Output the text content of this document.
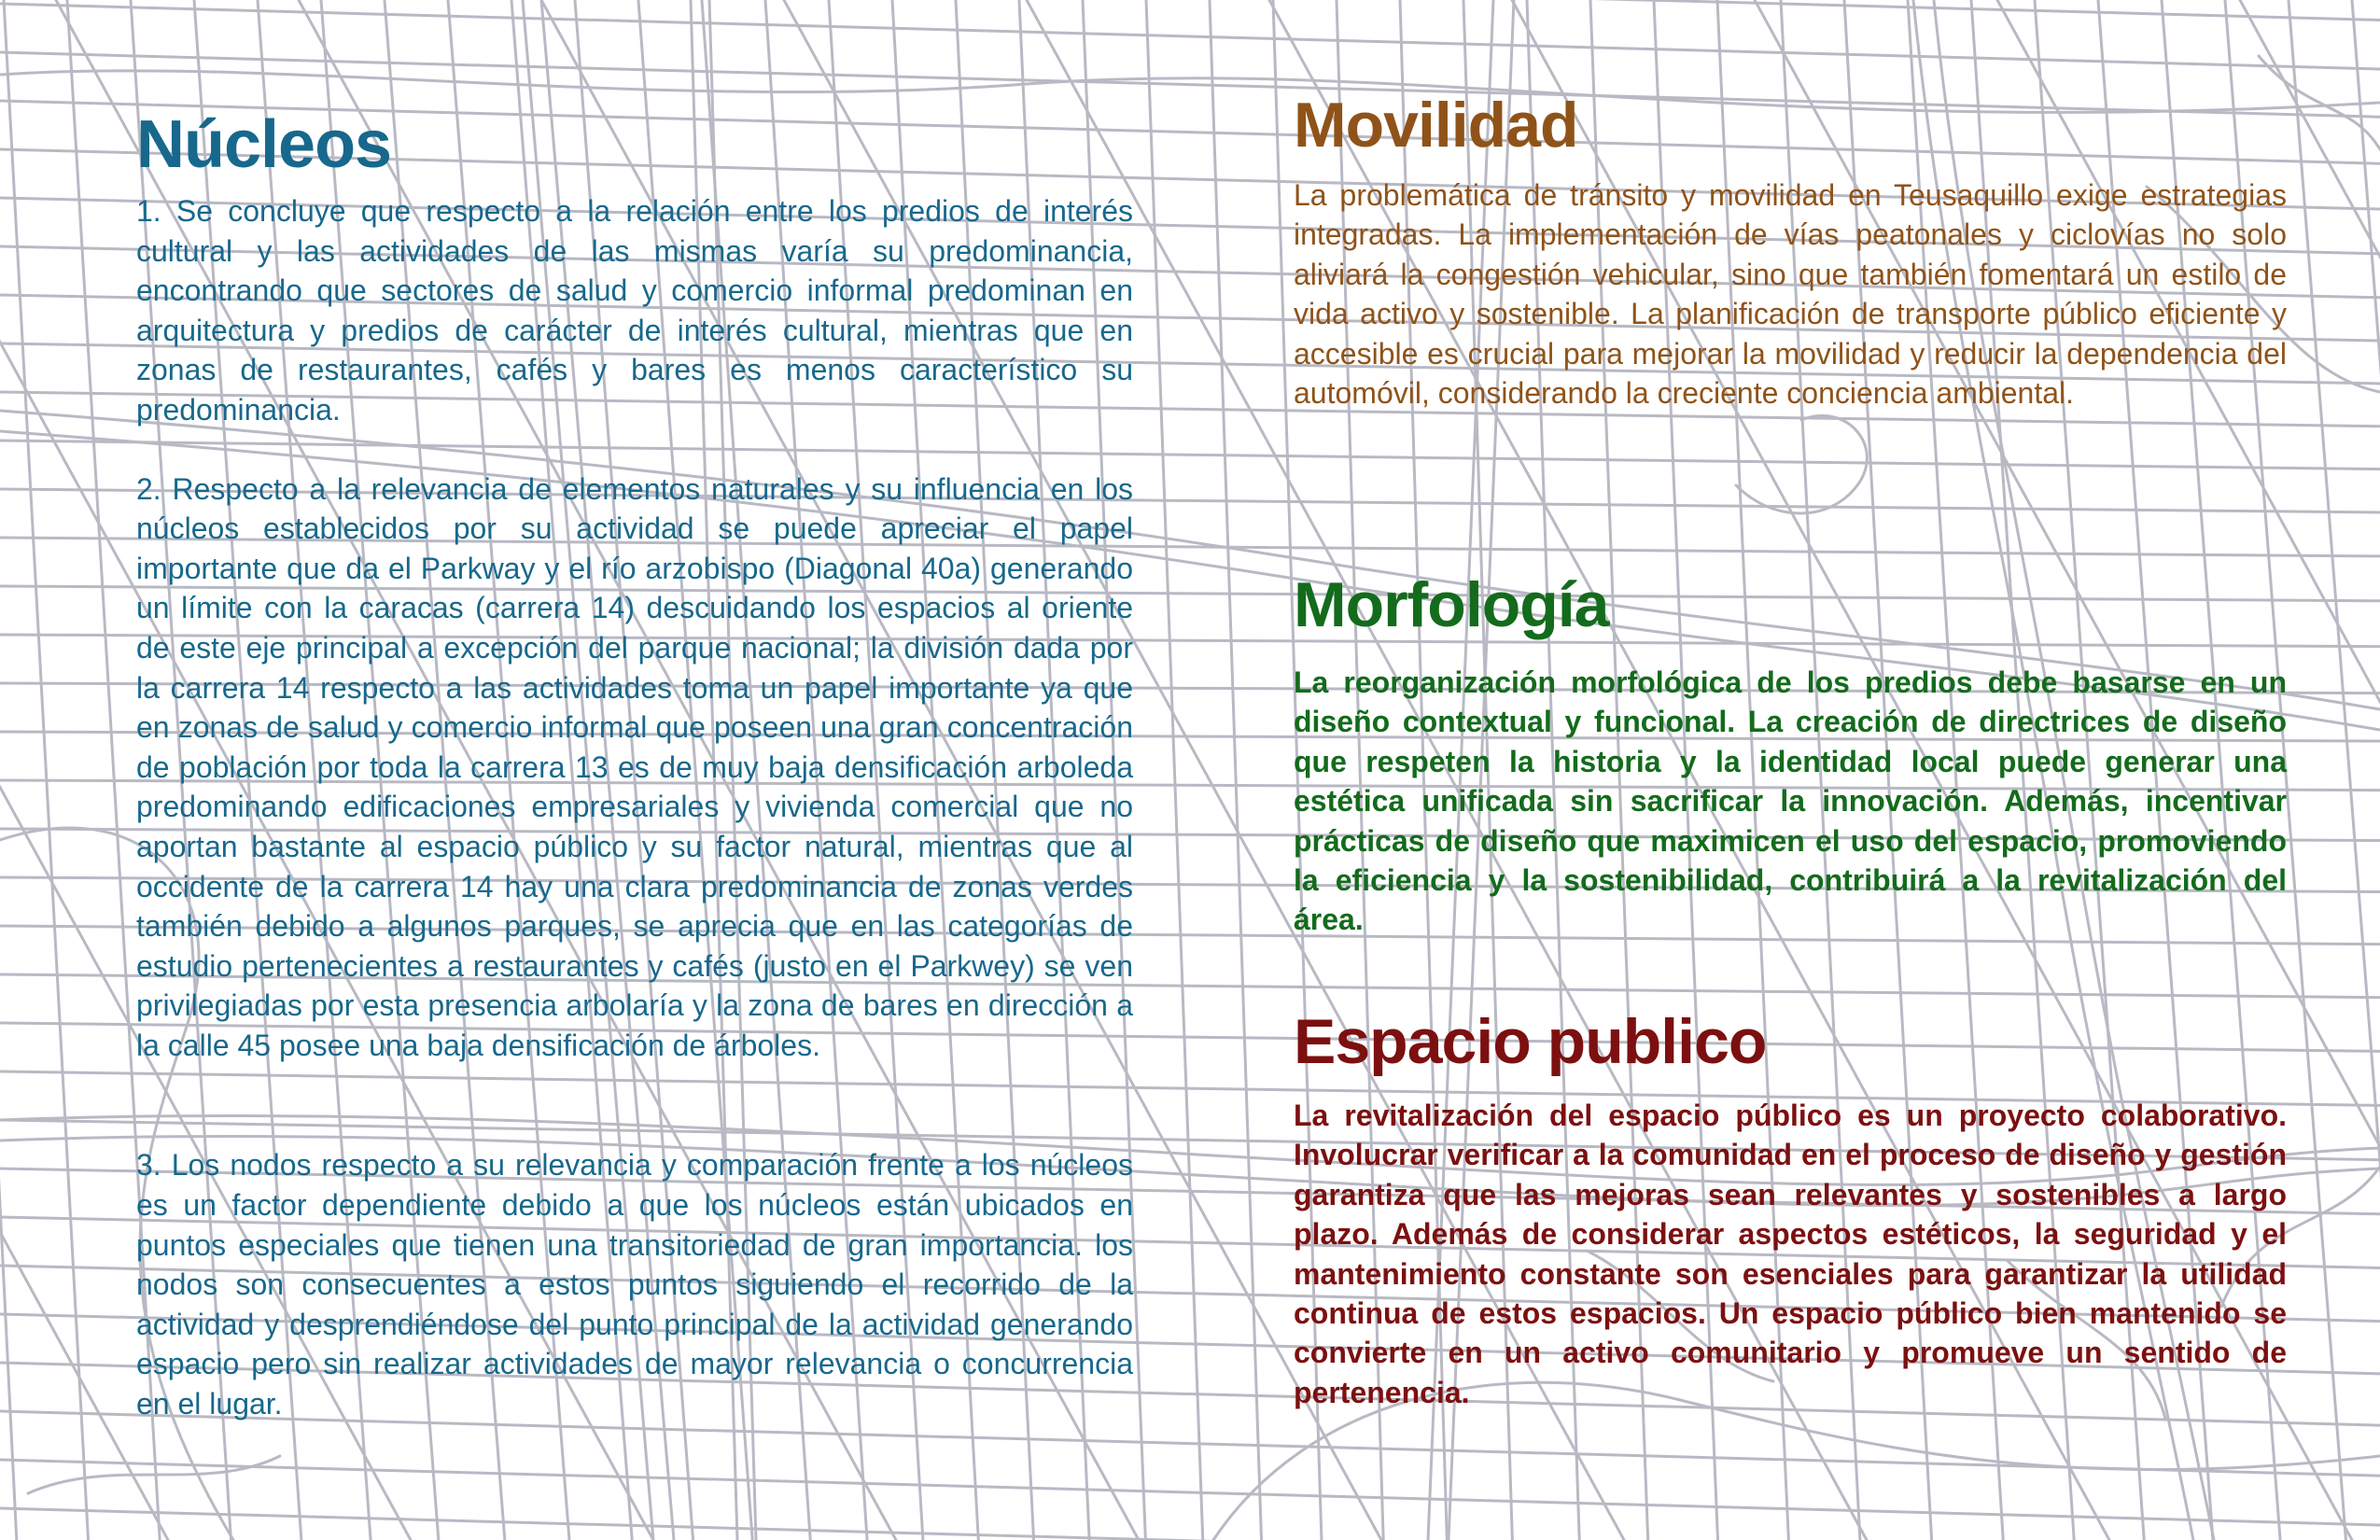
Núcleos

1. Se concluye que respecto a la relación entre los predios de interés cultural y las actividades de las mismas varía su predominancia, encontrando que sectores de salud y comercio informal predominan en arquitectura y predios de carácter de interés cultural, mientras que en zonas de restaurantes, cafés y bares es menos característico su predominancia.

2. Respecto a la relevancia de elementos naturales y su influencia en los núcleos establecidos por su actividad se puede apreciar el papel importante que da el Parkway y el río arzobispo (Diagonal 40a) generando un límite con la caracas (carrera 14) descuidando los espacios al oriente de este eje principal a excepción del parque nacional; la división dada por la carrera 14 respecto a las actividades toma un papel importante ya que en zonas de salud y comercio informal que poseen una gran concentración de población por toda la carrera 13 es de muy baja densificación arboleda predominando edificaciones empresariales y vivienda comercial que no aportan bastante al espacio público y su factor natural, mientras que al occidente de la carrera 14 hay una clara predominancia de zonas verdes también debido a algunos parques, se aprecia que en las categorías de estudio pertenecientes a restaurantes y cafés (justo en el Parkwey) se ven privilegiadas por esta presencia arbolaría y la zona de bares en dirección a la calle 45 posee una baja densificación de árboles.

3. Los nodos respecto a su relevancia y comparación frente a los núcleos es un factor dependiente debido a que los núcleos están ubicados en puntos especiales que tienen una transitoriedad de gran importancia. los nodos son consecuentes a estos puntos siguiendo el recorrido de la actividad y desprendiéndose del punto principal de la actividad generando espacio pero sin realizar actividades de mayor relevancia o concurrencia en el lugar.

Movilidad

La problemática de tránsito y movilidad en Teusaquillo exige estrategias integradas. La implementación de vías peatonales y ciclovías no solo aliviará la congestión vehicular, sino que también fomentará un estilo de vida activo y sostenible. La planificación de transporte público eficiente y accesible es crucial para mejorar la movilidad y reducir la dependencia del automóvil, considerando la creciente conciencia ambiental.

Morfología

La reorganización morfológica de los predios debe basarse en un diseño contextual y funcional. La creación de directrices de diseño que respeten la historia y la identidad local puede generar una estética unificada sin sacrificar la innovación. Además, incentivar prácticas de diseño que maximicen el uso del espacio, promoviendo la eficiencia y la sostenibilidad, contribuirá a la revitalización del área.

Espacio publico

La revitalización del espacio público es un proyecto colaborativo. Involucrar verificar a la comunidad en el proceso de diseño y gestión garantiza que las mejoras sean relevantes y sostenibles a largo plazo. Además de considerar aspectos estéticos, la seguridad y el mantenimiento constante son esenciales para garantizar la utilidad continua de estos espacios. Un espacio público bien mantenido se convierte en un activo comunitario y promueve un sentido de pertenencia.
